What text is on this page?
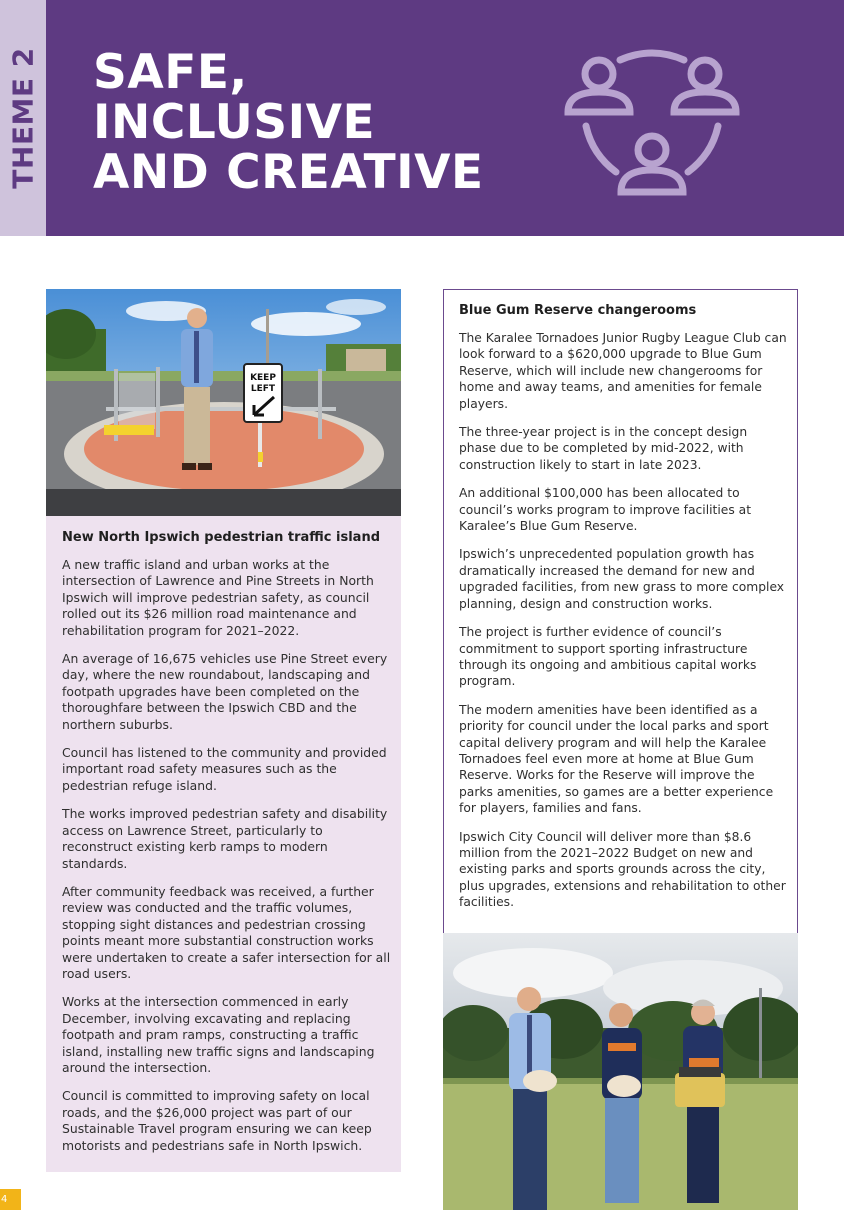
THEME 2 SAFE,
INCLUSIVE
AND CREATIVE
KEEP
LEFT
New North Ipswich pedestrian traffic island

A new traffic island and urban works at the intersection of Lawrence and Pine Streets in North Ipswich will improve pedestrian safety, as council rolled out its $26 million road maintenance and rehabilitation program for 2021–2022.

An average of 16,675 vehicles use Pine Street every day, where the new roundabout, landscaping and footpath upgrades have been completed on the thoroughfare between the Ipswich CBD and the northern suburbs.

Council has listened to the community and provided important road safety measures such as the pedestrian refuge island.

The works improved pedestrian safety and disability access on Lawrence Street, particularly to reconstruct existing kerb ramps to modern standards.

After community feedback was received, a further review was conducted and the traffic volumes, stopping sight distances and pedestrian crossing points meant more substantial construction works were undertaken to create a safer intersection for all road users.

Works at the intersection commenced in early December, involving excavating and replacing footpath and pram ramps, constructing a traffic island, installing new traffic signs and landscaping around the intersection.

Council is committed to improving safety on local roads, and the $26,000 project was part of our Sustainable Travel program ensuring we can keep motorists and pedestrians safe in North Ipswich.

Blue Gum Reserve changerooms

The Karalee Tornadoes Junior Rugby League Club can look forward to a $620,000 upgrade to Blue Gum Reserve, which will include new changerooms for home and away teams, and amenities for female players.

The three-year project is in the concept design phase due to be completed by mid-2022, with construction likely to start in late 2023.

An additional $100,000 has been allocated to council’s works program to improve facilities at Karalee’s Blue Gum Reserve.

Ipswich’s unprecedented population growth has dramatically increased the demand for new and upgraded facilities, from new grass to more complex planning, design and construction works.

The project is further evidence of council’s commitment to support sporting infrastructure through its ongoing and ambitious capital works program.

The modern amenities have been identified as a priority for council under the local parks and sport capital delivery program and will help the Karalee Tornadoes feel even more at home at Blue Gum Reserve. Works for the Reserve will improve the parks amenities, so games are a better experience for players, families and fans.

Ipswich City Council will deliver more than $8.6 million from the 2021–2022 Budget on new and existing parks and sports grounds across the city, plus upgrades, extensions and rehabilitation to other facilities.

4
